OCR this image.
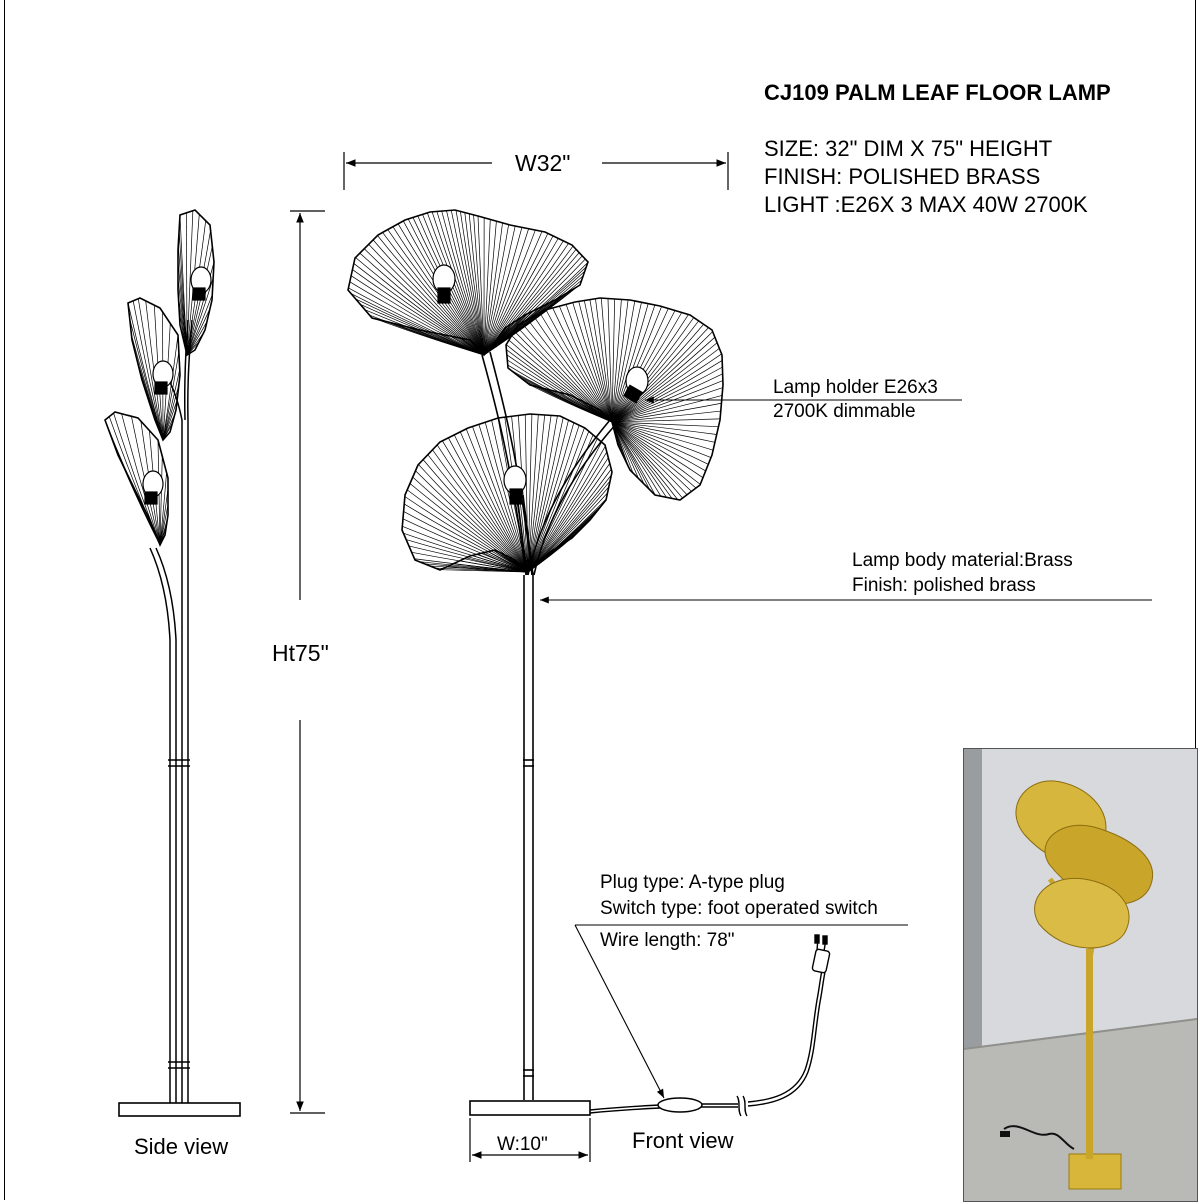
CJ109 PALM LEAF FLOOR LAMP
SIZE: 32" DIM X 75" HEIGHT
FINISH: POLISHED BRASS
LIGHT :E26X 3 MAX 40W 2700K
W32"
Ht75"
W:10"
Lamp holder E26x3
2700K dimmable
Lamp body material:Brass
Finish: polished brass
Plug type: A-type plug
Switch type: foot operated switch
Wire length: 78"
Side view	Front view
